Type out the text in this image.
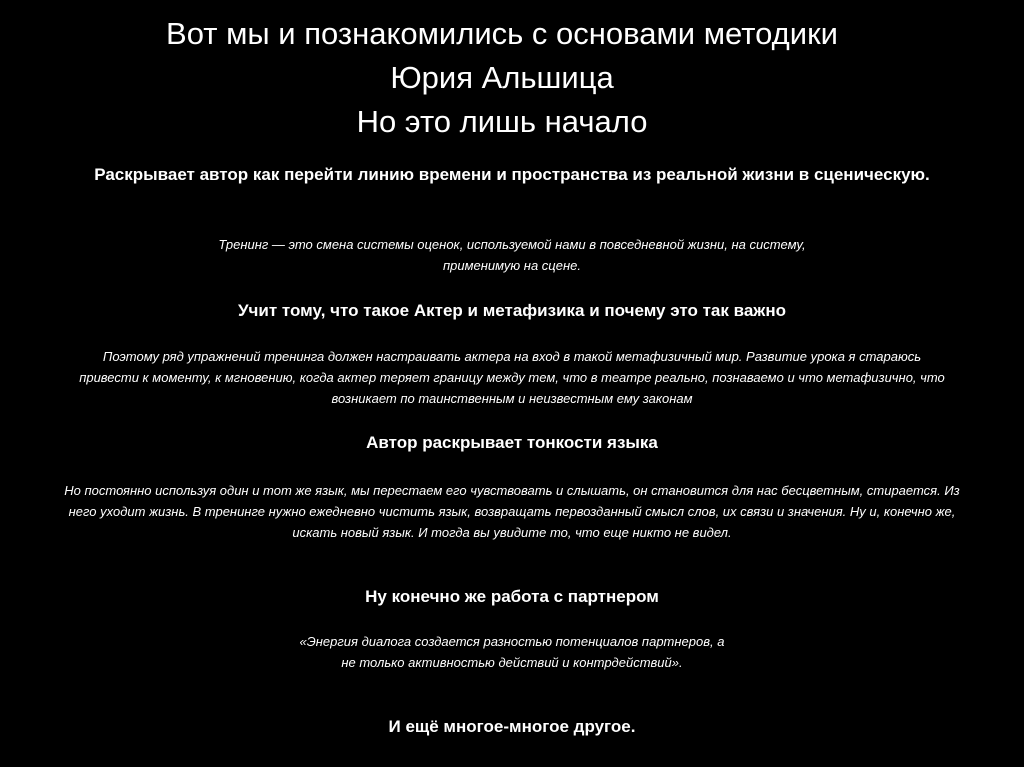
Вот мы и познакомились с основами методики
Юрия Альшица
Но это лишь начало

Раскрывает автор как перейти линию времени и пространства из реальной жизни в сценическую.

Тренинг — это смена системы оценок, используемой нами в повседневной жизни, на систему, применимую на сцене.

Учит тому, что такое Актер и метафизика и почему это так важно

Поэтому ряд упражнений тренинга должен настраивать актера на вход в такой метафизичный мир. Развитие урока я стараюсь привести к моменту, к мгновению, когда актер теряет границу между тем, что в театре реально, познаваемо и что метафизично, что возникает по таинственным и неизвестным ему законам

Автор раскрывает тонкости языка

Но постоянно используя один и тот же язык, мы перестаем его чувствовать и слышать, он становится для нас бесцветным, стирается. Из него уходит жизнь. В тренинге нужно ежедневно чистить язык, возвращать первозданный смысл слов, их связи и значения. Ну и, конечно же, искать новый язык. И тогда вы увидите то, что еще никто не видел.

Ну конечно же работа с партнером

«Энергия диалога создается разностью потенциалов партнеров, а не только активностью действий и контрдействий».

И ещё многое-многое другое.
